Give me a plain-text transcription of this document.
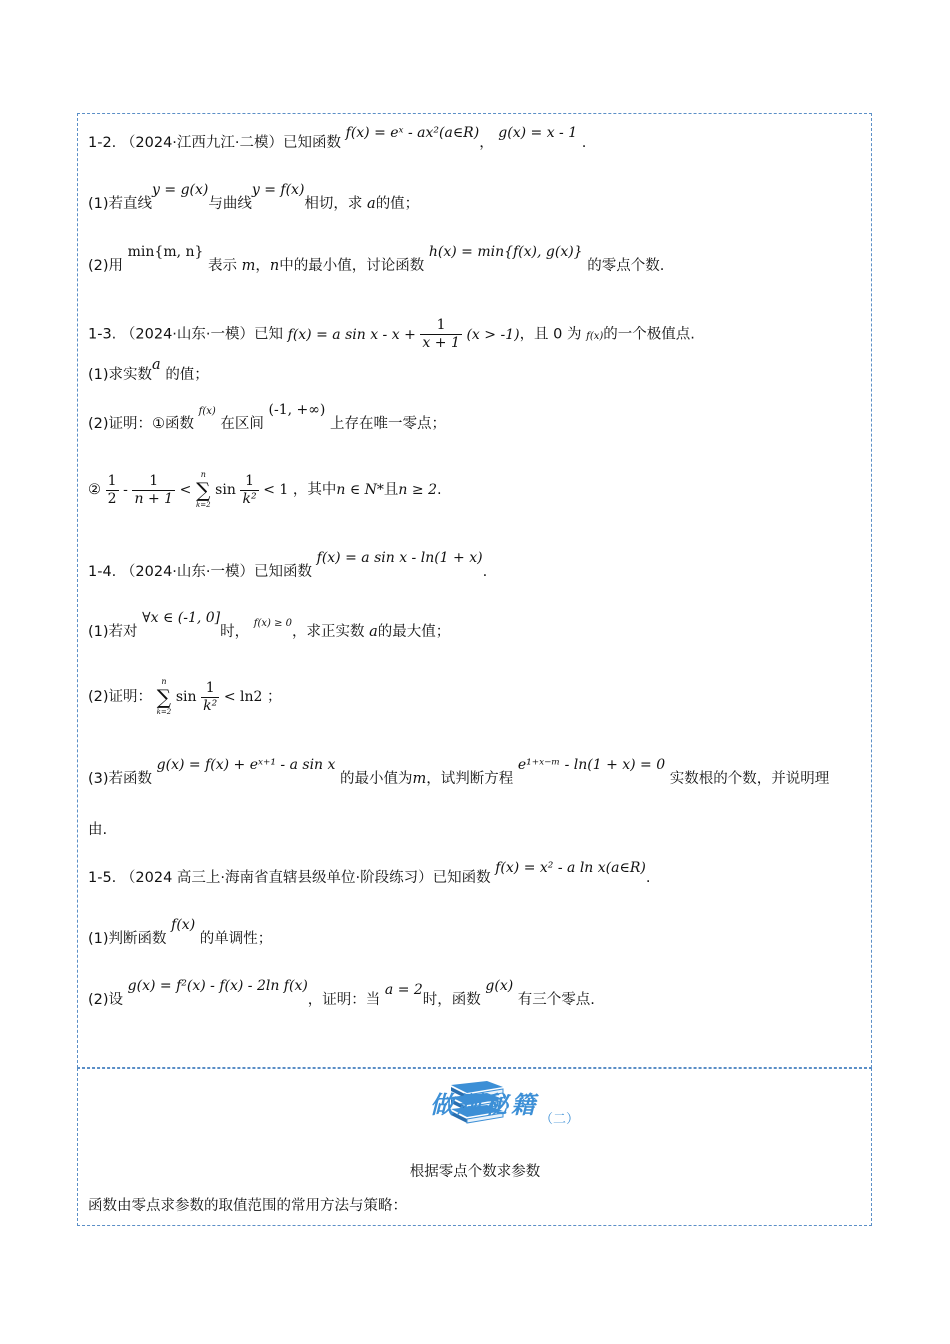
1-2. （2024·江西九江·二模）已知函数 f(x) = eˣ - ax²(a∈R)， g(x) = x - 1 .
(1)若直线y = g(x)与曲线y = f(x)相切，求 a的值；
(2)用 min{m, n} 表示 m，n中的最小值，讨论函数 h(x) = min{f(x), g(x)} 的零点个数.
1-3. （2024·山东·一模）已知 f(x) = a $\sin x - x + \frac{1}{x + 1} (x > -1)$，且 0 为 f(x)的一个极值点.
(1)求实数a 的值；
(2)证明：①函数 $^{f(x)}$ 在区间 (-1, +∞) 上存在唯一零点；
② $\frac{1}{2} - \frac{1}{n + 1}$ <
n
∑
k=2
$\sin \frac{1}{\text{k²}} < 1$ ，其中n ∈ N*且n ≥ 2.
1-4. （2024·山东·一模）已知函数 f(x) = a sin x - ln(1 + x).
(1)若对 ∀x ∈ (-1, 0]时， $^{f(x) \ge 0}$，求正实数 a的最大值；
(2)证明：
n
∑
k=2
$\sin \frac{1}{\text{k²}} < \ln 2$ ；
(3)若函数 g(x) = f(x) + eˣ⁺¹ - a sin x 的最小值为m，试判断方程 e¹⁺ˣ⁻ᵐ - ln(1 + x) = 0 实数根的个数，并说明理
由.
1-5. （2024 高三上·海南省直辖县级单位·阶段练习）已知函数 f(x) = x² - a ln x(a∈R).
(1)判断函数 f(x) 的单调性；
(2)设 g(x) = f²(x) - f(x) - 2ln f(x)，证明：当 a = 2时，函数 g(x) 有三个零点.
做题秘籍
（二）
根据零点个数求参数
函数由零点求参数的取值范围的常用方法与策略：
